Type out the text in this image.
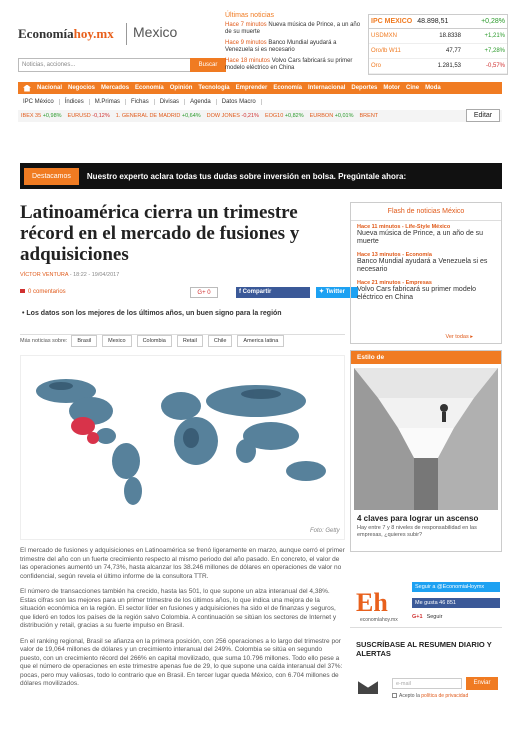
Economíahoy.mx Mexico
Noticias, acciones...	Buscar
Últimas noticias
Hace 7 minutos Nueva música de Prince, a un año de su muerte
Hace 9 minutos Banco Mundial ayudará a Venezuela si es necesario
Hace 18 minutos Volvo Cars fabricará su primer modelo eléctrico en China
IPC MEXICO 48.898,51	+0,28%
USDMXN	18.8338	+1,21%
Oro/lb W11	47,77	+7,28%
Oro	1.281,53	-0,57%
Nacional	Negocios	Mercados	Economía	Opinión	Tecnología	Emprender	Economía	Internacional	Deportes	Motor	Cine	Moda
IPC México	Índices	M.Primas	Fichas	Divisas	Agenda	Datos Macro
IBEX 35 +0,98%	EURUSD -0,12%	1. GENERAL DE MADRID +0,64%	DOW JONES -0,21%	EOG10 +0,82%	EURBON +0,01%	BRENT	Editar
Destacamos	Nuestro experto aclara todas tus dudas sobre inversión en bolsa. Pregúntale ahora:
Latinoamérica cierra un trimestre récord en el mercado de fusiones y adquisiciones
VÍCTOR VENTURA - 18:22 - 19/04/2017
0 comentarios	G+ 0	f Compartir	✦ Twitter
• Los datos son los mejores de los últimos años, un buen signo para la región
Más noticias sobre:	Brasil	Mexico	Colombia	Retail	Chile	America latina
Foto: Getty

El mercado de fusiones y adquisiciones en Latinoamérica se frenó ligeramente en marzo, aunque cerró el primer trimestre del año con un fuerte crecimiento respecto al mismo periodo del año pasado. En concreto, el valor de las operaciones aumentó un 74,73%, hasta alcanzar los 38.246 millones de dólares en operaciones de valor no confidencial, según revela el último informe de la consultora TTR.

El número de transacciones también ha crecido, hasta las 501, lo que supone un alza interanual del 4,38%. Estas cifras son las mejores para un primer trimestre de los últimos años, lo que indica una mejora de la situación económica en la región. El sector líder en fusiones y adquisiciones ha sido el de finanzas y seguros, que lideró en todos los países de la región salvo Colombia. A continuación se sitúan los sectores de Internet y distribución y retail, gracias a su fuerte impulso en Brasil.

En el ranking regional, Brasil se afianza en la primera posición, con 256 operaciones a lo largo del trimestre por valor de 19,064 millones de dólares y un crecimiento interanual del 249%. Colombia se sitúa en segundo puesto, con un crecimiento récord del 266% en capital movilizado, que suma 10.796 millones. Todo ello pese a que el número de operaciones en este trimestre apenas fue de 29, lo que supone una caída interanual del 37%: pocas, pero muy valiosas, todo lo contrario que en Brasil. En tercer lugar queda México, con 6.704 millones de dólares movilizados.

Flash de noticias México
Hace 11 minutos - Life-Style México
Nueva música de Prince, a un año de su muerte
Hace 13 minutos - Economía
Banco Mundial ayudará a Venezuela si es necesario
Hace 21 minutos - Empresas
Volvo Cars fabricará su primer modelo eléctrico en China
Ver todas ▸
Estilo de
4 claves para lograr un ascenso
Hay entre 7 y 8 niveles de responsabilidad en las empresas, ¿quieres subir?
Eh
economíahoy.mx
Seguir a @EconomiaHoymx
Me gusta 46 851
G+1 Seguir
SUSCRÍBASE AL RESUMEN DIARIO Y ALERTAS
e-mail	Enviar
Acepto la política de privacidad
